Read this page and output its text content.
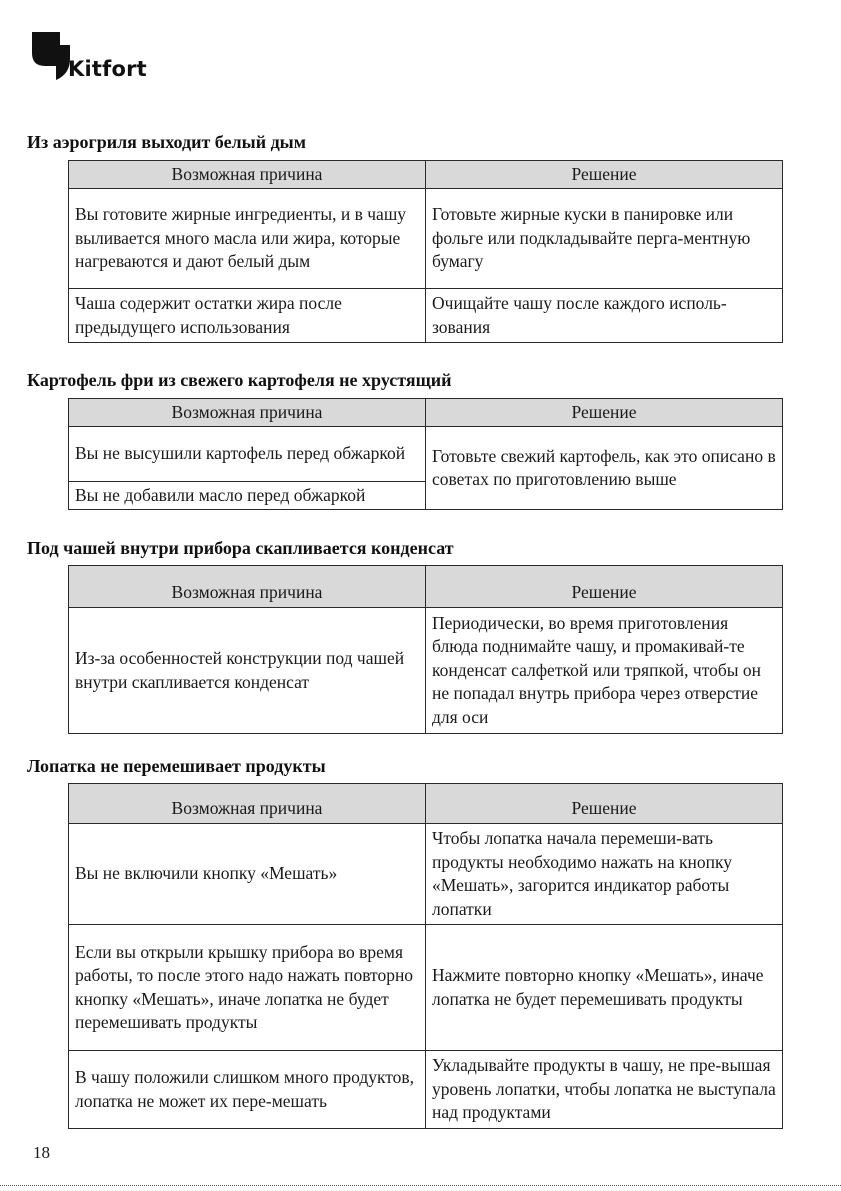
Kitfort
Из аэрогриля выходит белый дым
Возможная причина	Решение
Вы готовите жирные ингредиенты, и в чашу выливается много масла или жира, которые нагреваются и дают белый дым	Готовьте жирные куски в панировке или фольге или подкладывайте перга-ментную бумагу
Чаша содержит остатки жира после предыдущего использования	Очищайте чашу после каждого исполь-зования
Картофель фри из свежего картофеля не хрустящий
Возможная причина	Решение
Вы не высушили картофель перед обжаркой	Готовьте свежий картофель, как это описано в советах по приготовлению выше
Вы не добавили масло перед обжаркой	
Под чашей внутри прибора скапливается конденсат
Возможная причина	Решение
Из-за особенностей конструкции под чашей внутри скапливается конденсат	Периодически, во время приготовления блюда поднимайте чашу, и промакивай-те конденсат салфеткой или тряпкой, чтобы он не попадал внутрь прибора через отверстие для оси
Лопатка не перемешивает продукты
Возможная причина	Решение
Вы не включили кнопку «Мешать»	Чтобы лопатка начала перемеши-вать продукты необходимо нажать на кнопку «Мешать», загорится индикатор работы лопатки
Если вы открыли крышку прибора во время работы, то после этого надо нажать повторно кнопку «Мешать», иначе лопатка не будет перемешивать продукты	Нажмите повторно кнопку «Мешать», иначе лопатка не будет перемешивать продукты
В чашу положили слишком много продуктов, лопатка не может их пере-мешать	Укладывайте продукты в чашу, не пре-вышая уровень лопатки, чтобы лопатка не выступала над продуктами
18
